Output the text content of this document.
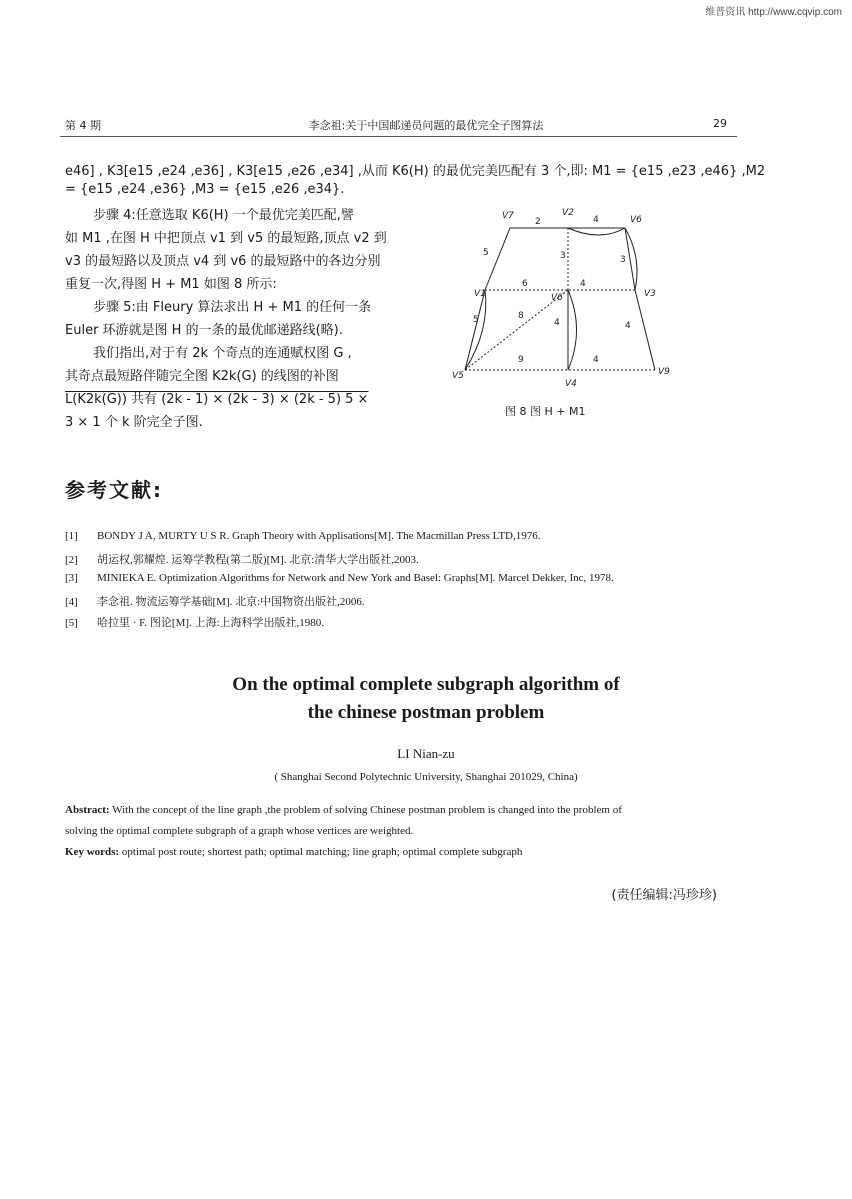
维普资讯 http://www.cqvip.com
第 4 期	李念祖:关于中国邮递员问题的最优完全子图算法	29
e46] , K3[e15 ,e24 ,e36] , K3[e15 ,e26 ,e34] ,从而 K6(H) 的最优完美匹配有 3 个,即: M1 = {e15 ,e23 ,e46} ,M2
= {e15 ,e24 ,e36} ,M3 = {e15 ,e26 ,e34}.
步骤 4:任意选取 K6(H) 一个最优完美匹配,譬
如 M1 ,在图 H 中把顶点 v1 到 v5 的最短路,顶点 v2 到
v3 的最短路以及顶点 v4 到 v6 的最短路中的各边分别
重复一次,得图 H + M1 如图 8 所示:
步骤 5:由 Fleury 算法求出 H + M1 的任何一条
Euler 环游就是图 H 的一条的最优邮递路线(略).
我们指出,对于有 2k 个奇点的连通赋权图 G ,
其奇点最短路伴随完全图 K2k(G) 的线图的补图
L(K2k(G)) 共有 (2k - 1) × (2k - 3) × (2k - 5) 5 ×
3 × 1 个 k 阶完全子图.
V7	V2
V6
V1	V6	V3
V5
V4
V9
2	4
5	3	3
6	4
5	8
4	4
9	4
图 8 图 H + M1
参考文献:
[1] BONDY J A, MURTY U S R. Graph Theory with Applisations[M]. The Macmillan Press LTD,1976.
[2] 胡运权,郭耀煌. 运筹学教程(第二版)[M]. 北京:清华大学出版社,2003.
[3] MINIEKA E. Optimization Algorithms for Network and New York and Basel: Graphs[M]. Marcel Dekker, Inc, 1978.
[4] 李念祖. 物流运筹学基础[M]. 北京:中国物资出版社,2006.
[5] 哈拉里 · F. 图论[M]. 上海:上海科学出版社,1980.
On the optimal complete subgraph algorithm of
the chinese postman problem
LI Nian-zu
( Shanghai Second Polytechnic University, Shanghai 201029, China)
Abstract: With the concept of the line graph ,the problem of solving Chinese postman problem is changed into the problem of
solving the optimal complete subgraph of a graph whose vertices are weighted.
Key words: optimal post route; shortest path; optimal matching; line graph; optimal complete subgraph
(责任编辑:冯珍珍)
